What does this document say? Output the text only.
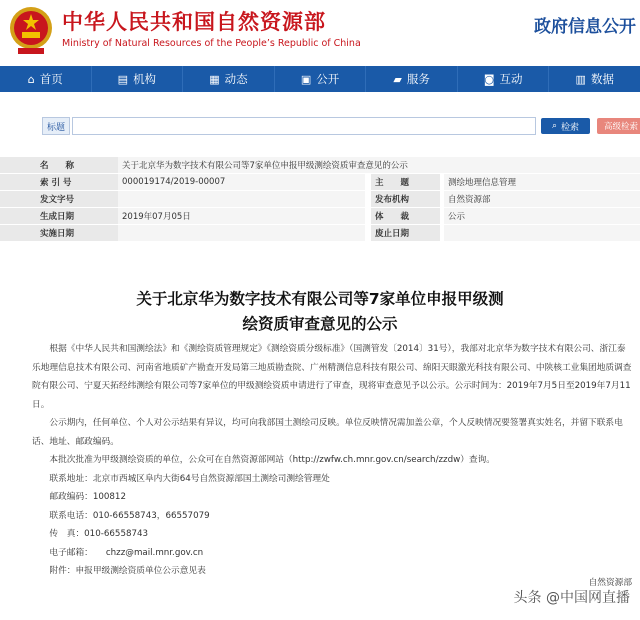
中华人民共和国自然资源部
Ministry of Natural Resources of the People’s Republic of China
政府信息公开
⌂ 首页	▤ 机构	▦ 动态	▣ 公开	▰ 服务	◙ 互动	▥ 数据
标题	⌕ 检索	高级检索
名　　称	关于北京华为数字技术有限公司等7家单位申报甲级测绘资质审查意见的公示				
索 引 号	000019174/2019-00007		主　　题		测绘地理信息管理
发文字号			发布机构		自然资源部
生成日期	2019年07月05日		体　　裁		公示
实施日期			废止日期		
关于北京华为数字技术有限公司等7家单位申报甲级测
绘资质审查意见的公示

根据《中华人民共和国测绘法》和《测绘资质管理规定》《测绘资质分级标准》（国测管发〔2014〕31号），我部对北京华为数字技术有限公司、浙江泰乐地理信息技术有限公司、河南省地质矿产勘查开发局第三地质勘查院、广州精测信息科技有限公司、绵阳天眼激光科技有限公司、中陕核工业集团地质调查院有限公司、宁夏天拓经纬测绘有限公司等7家单位的甲级测绘资质申请进行了审查，现将审查意见予以公示。公示时间为：2019年7月5日至2019年7月11日。

公示期内，任何单位、个人对公示结果有异议，均可向我部国土测绘司反映。单位反映情况需加盖公章，个人反映情况要签署真实姓名，并留下联系电话、地址、邮政编码。

本批次批准为甲级测绘资质的单位，公众可在自然资源部网站（http://zwfw.ch.mnr.gov.cn/search/zzdw）查询。

联系地址：北京市西城区阜内大街64号自然资源部国土测绘司测绘管理处

邮政编码：100812

联系电话：010-66558743，66557079

传　真：010-66558743

电子邮箱：　　chzz@mail.mnr.gov.cn

附件：申报甲级测绘资质单位公示意见表

自然资源部
头条 @中国网直播
